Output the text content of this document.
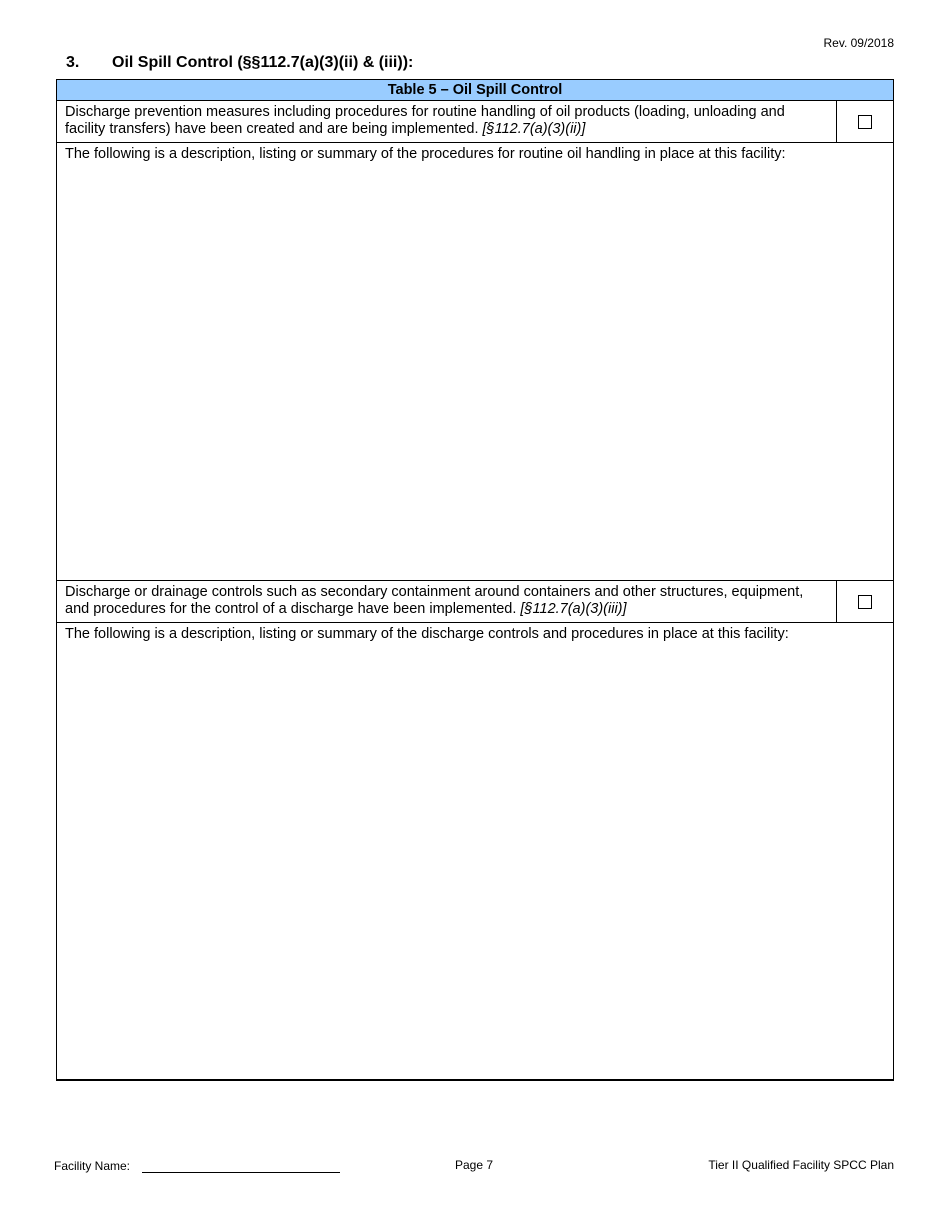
Rev. 09/2018
3.	Oil Spill Control (§§112.7(a)(3)(ii) & (iii)):
Table 5 – Oil Spill Control
Discharge prevention measures including procedures for routine handling of oil products (loading, unloading and facility transfers) have been created and are being implemented. [§112.7(a)(3)(ii)]
The following is a description, listing or summary of the procedures for routine oil handling in place at this facility:
Discharge or drainage controls such as secondary containment around containers and other structures, equipment, and procedures for the control of a discharge have been implemented. [§112.7(a)(3)(iii)]
The following is a description, listing or summary of the discharge controls and procedures in place at this facility:
Facility Name:	Page 7	Tier II Qualified Facility SPCC Plan
